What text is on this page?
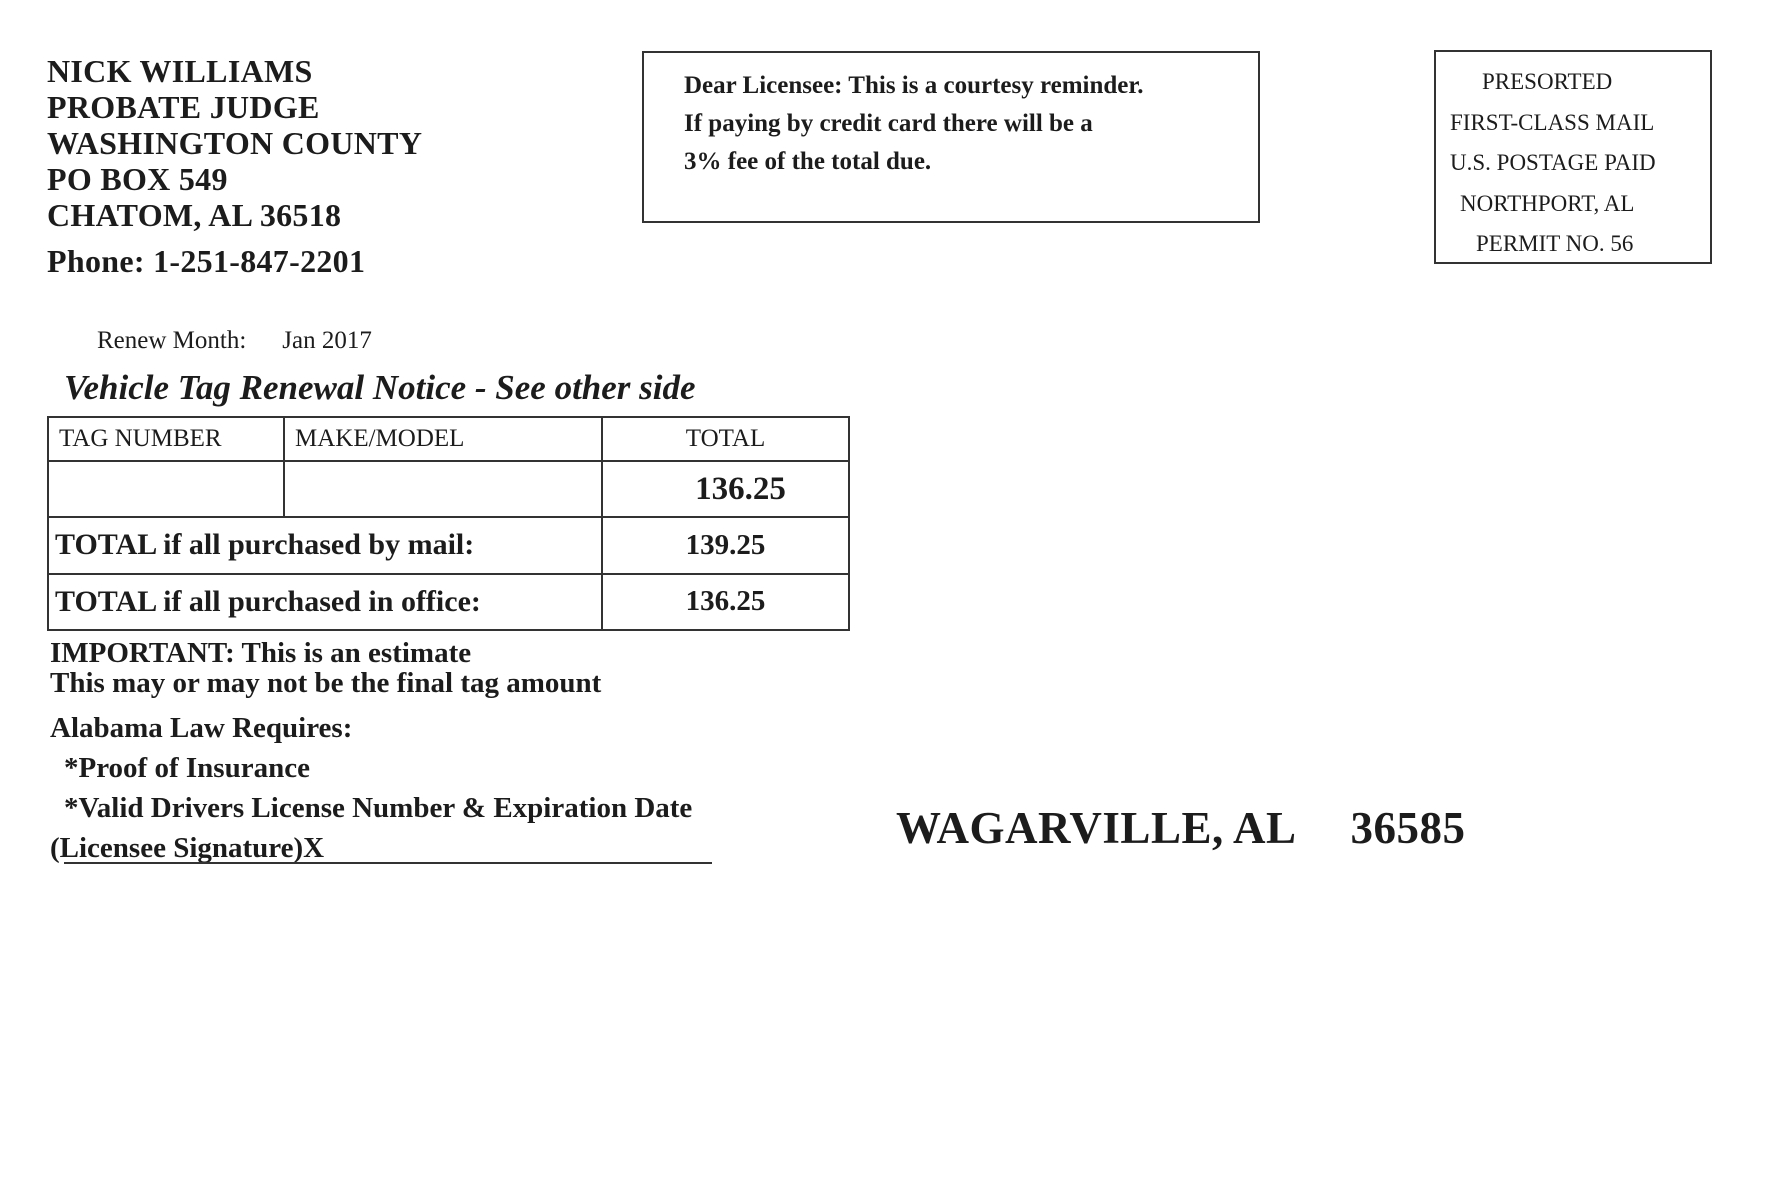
NICK WILLIAMS
PROBATE JUDGE
WASHINGTON COUNTY
PO BOX 549
CHATOM, AL 36518
Phone: 1-251-847-2201
Dear Licensee: This is a courtesy reminder.
If paying by credit card there will be a
3% fee of the total due.
PRESORTED
FIRST-CLASS MAIL
U.S. POSTAGE PAID
NORTHPORT, AL
PERMIT NO. 56
Renew Month: Jan 2017
Vehicle Tag Renewal Notice - See other side
TAG NUMBER	MAKE/MODEL	TOTAL
		136.25
TOTAL if all purchased by mail:		139.25
TOTAL if all purchased in office:		136.25
IMPORTANT: This is an estimate
This may or may not be the final tag amount
Alabama Law Requires:
*Proof of Insurance
*Valid Drivers License Number & Expiration Date
(Licensee Signature)X	WAGARVILLE, AL 36585
